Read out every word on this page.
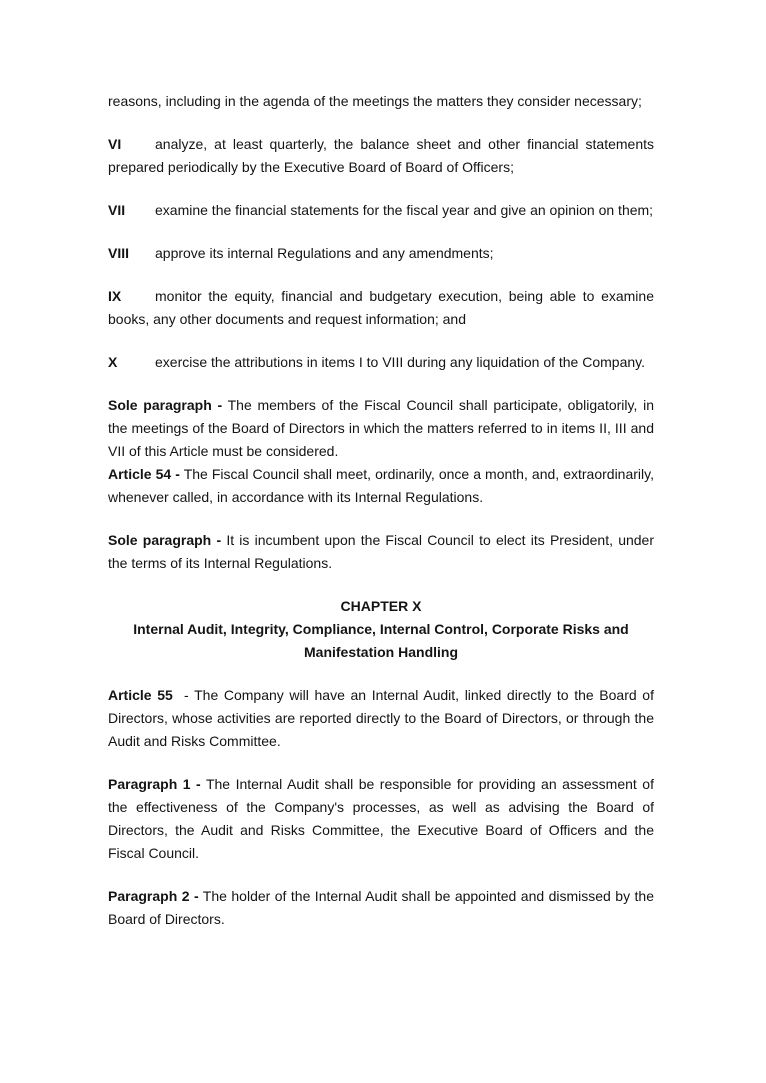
reasons, including in the agenda of the meetings the matters they consider necessary;

VI analyze, at least quarterly, the balance sheet and other financial statements prepared periodically by the Executive Board of Board of Officers;

VII examine the financial statements for the fiscal year and give an opinion on them;

VIII approve its internal Regulations and any amendments;

IX monitor the equity, financial and budgetary execution, being able to examine books, any other documents and request information; and

X	exercise the attributions in items I to VIII during any liquidation of the Company.

Sole paragraph - The members of the Fiscal Council shall participate, obligatorily, in the meetings of the Board of Directors in which the matters referred to in items II, III and VII of this Article must be considered.

Article 54 - The Fiscal Council shall meet, ordinarily, once a month, and, extraordinarily, whenever called, in accordance with its Internal Regulations.

Sole paragraph - It is incumbent upon the Fiscal Council to elect its President, under the terms of its Internal Regulations.

CHAPTER X
Internal Audit, Integrity, Compliance, Internal Control, Corporate Risks and Manifestation Handling

Article 55  - The Company will have an Internal Audit, linked directly to the Board of Directors, whose activities are reported directly to the Board of Directors, or through the Audit and Risks Committee.

Paragraph 1 - The Internal Audit shall be responsible for providing an assessment of the effectiveness of the Company's processes, as well as advising the Board of Directors, the Audit and Risks Committee, the Executive Board of Officers and the Fiscal Council.

Paragraph 2 - The holder of the Internal Audit shall be appointed and dismissed by the Board of Directors.
